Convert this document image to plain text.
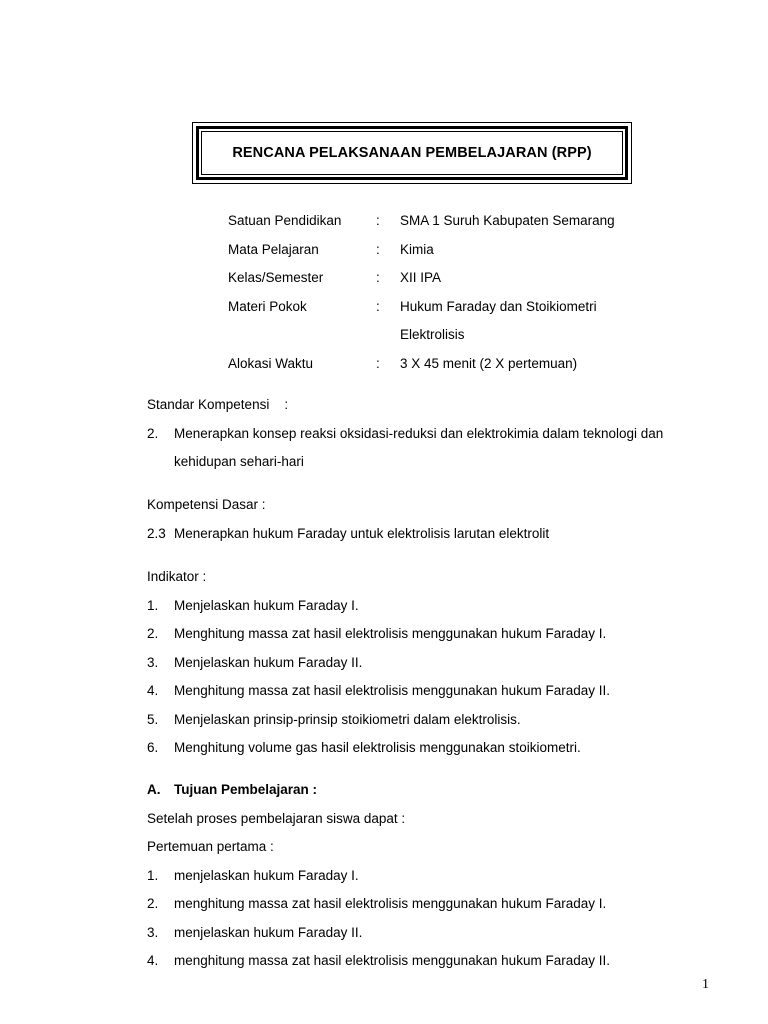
RENCANA PELAKSANAAN PEMBELAJARAN (RPP)
Satuan Pendidikan	:	SMA 1 Suruh Kabupaten Semarang
Mata Pelajaran	:	Kimia
Kelas/Semester	:	XII IPA
Materi Pokok	:	Hukum Faraday dan Stoikiometri
Elektrolisis
Alokasi Waktu	:	3 X 45 menit (2 X pertemuan)
Standar Kompetensi    :
2. Menerapkan konsep reaksi oksidasi-reduksi dan elektrokimia dalam teknologi dan
kehidupan sehari-hari
Kompetensi Dasar :
2.3 Menerapkan hukum Faraday untuk elektrolisis larutan elektrolit
Indikator :
1. Menjelaskan hukum Faraday I.
2. Menghitung massa zat hasil elektrolisis menggunakan hukum Faraday I.
3. Menjelaskan hukum Faraday II.
4. Menghitung massa zat hasil elektrolisis menggunakan hukum Faraday II.
5. Menjelaskan prinsip-prinsip stoikiometri dalam elektrolisis.
6. Menghitung volume gas hasil elektrolisis menggunakan stoikiometri.
A. Tujuan Pembelajaran :
Setelah proses pembelajaran siswa dapat :
Pertemuan pertama :
1. menjelaskan hukum Faraday I.
2. menghitung massa zat hasil elektrolisis menggunakan hukum Faraday I.
3. menjelaskan hukum Faraday II.
4. menghitung massa zat hasil elektrolisis menggunakan hukum Faraday II.
1
